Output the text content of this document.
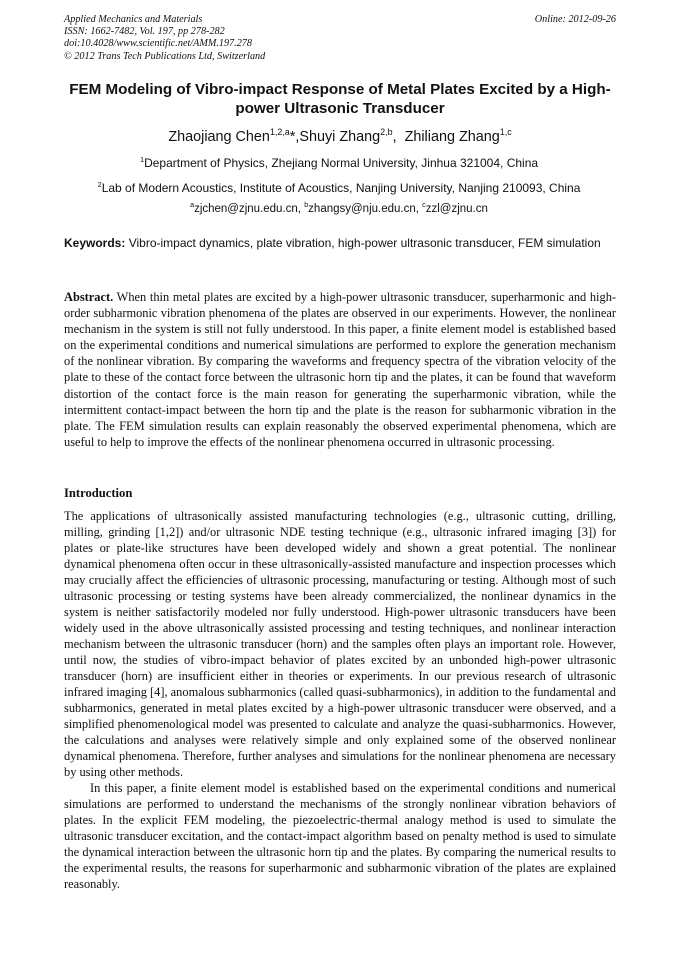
Applied Mechanics and Materials
ISSN: 1662-7482, Vol. 197, pp 278-282
doi:10.4028/www.scientific.net/AMM.197.278
© 2012 Trans Tech Publications Ltd, Switzerland
Online: 2012-09-26
FEM Modeling of Vibro-impact Response of Metal Plates Excited by a High-power Ultrasonic Transducer
Zhaojiang Chen$^{1,2,a}$*,Shuyi Zhang$^{2,b}$, Zhiliang Zhang$^{1,c}$
$^1$Department of Physics, Zhejiang Normal University, Jinhua 321004, China
$^2$Lab of Modern Acoustics, Institute of Acoustics, Nanjing University, Nanjing 210093, China
$^a$zjchen@zjnu.edu.cn, $^b$zhangsy@nju.edu.cn, $^c$zzl@zjnu.cn
Keywords: Vibro-impact dynamics, plate vibration, high-power ultrasonic transducer, FEM simulation
Abstract. When thin metal plates are excited by a high-power ultrasonic transducer, superharmonic and high-order subharmonic vibration phenomena of the plates are observed in our experiments. However, the nonlinear mechanism in the system is still not fully understood. In this paper, a finite element model is established based on the experimental conditions and numerical simulations are performed to explore the generation mechanism of the nonlinear vibration. By comparing the waveforms and frequency spectra of the vibration velocity of the plate to these of the contact force between the ultrasonic horn tip and the plates, it can be found that waveform distortion of the contact force is the main reason for generating the superharmonic vibration, while the intermittent contact-impact between the horn tip and the plate is the reason for subharmonic vibration in the plate. The FEM simulation results can explain reasonably the observed experimental phenomena, which are useful to help to improve the effects of the nonlinear phenomena occurred in ultrasonic processing.
Introduction

The applications of ultrasonically assisted manufacturing technologies (e.g., ultrasonic cutting, drilling, milling, grinding [1,2]) and/or ultrasonic NDE testing technique (e.g., ultrasonic infrared imaging [3]) for plates or plate-like structures have been developed widely and shown a great potential. The nonlinear dynamical phenomena often occur in these ultrasonically-assisted manufacture and inspection processes which may crucially affect the efficiencies of ultrasonic processing, manufacturing or testing. Although most of such ultrasonic processing or testing systems have been already commercialized, the nonlinear dynamics in the system is neither satisfactorily modeled nor fully understood. High-power ultrasonic transducers have been widely used in the above ultrasonically assisted processing and testing techniques, and nonlinear interaction mechanism between the ultrasonic transducer (horn) and the samples often plays an important role. However, until now, the studies of vibro-impact behavior of plates excited by an unbonded high-power ultrasonic transducer (horn) are insufficient either in theories or experiments. In our previous research of ultrasonic infrared imaging [4], anomalous subharmonics (called quasi-subharmonics), in addition to the fundamental and subharmonics, generated in metal plates excited by a high-power ultrasonic transducer were observed, and a simplified phenomenological model was presented to calculate and analyze the quasi-subharmonics. However, the calculations and analyses were relatively simple and only explained some of the observed nonlinear dynamical phenomena. Therefore, further analyses and simulations for the nonlinear phenomena are necessary by using other methods.

In this paper, a finite element model is established based on the experimental conditions and numerical simulations are performed to understand the mechanisms of the strongly nonlinear vibration behaviors of plates. In the explicit FEM modeling, the piezoelectric-thermal analogy method is used to simulate the ultrasonic transducer excitation, and the contact-impact algorithm based on penalty method is used to simulate the dynamical interaction between the ultrasonic horn tip and the plates. By comparing the numerical results to the experimental results, the reasons for superharmonic and subharmonic vibration of the plates are explained reasonably.
